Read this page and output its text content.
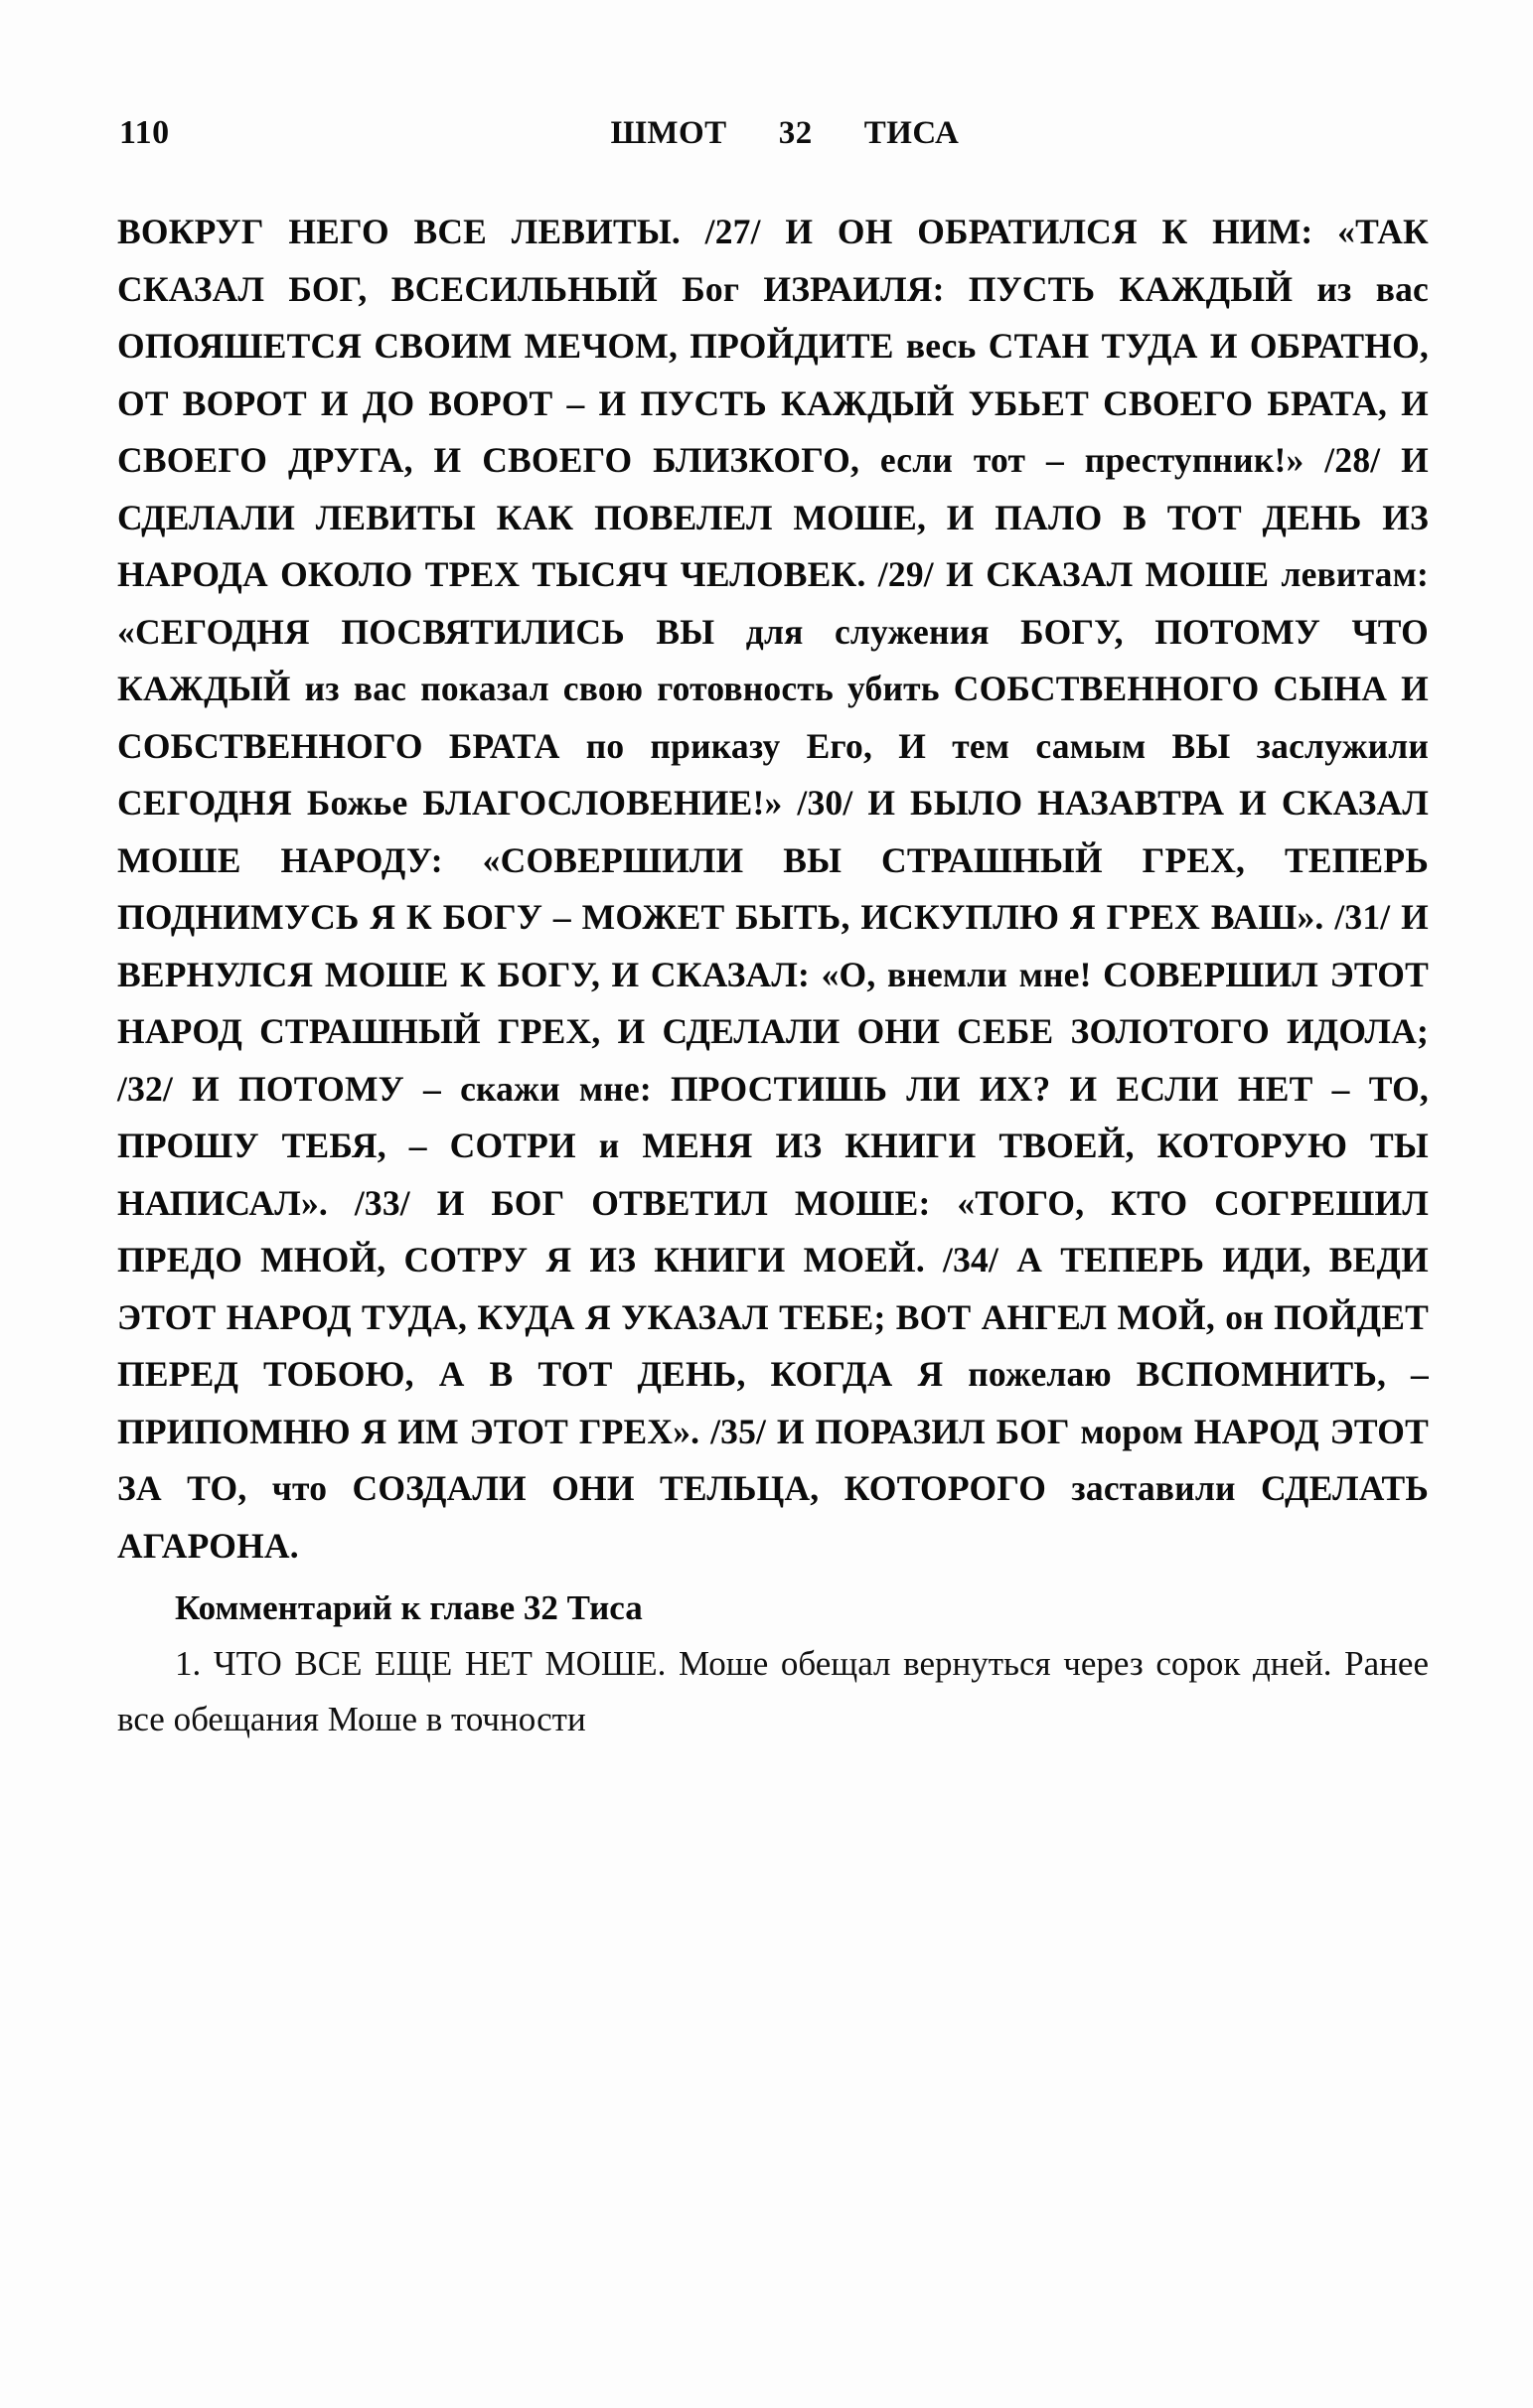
110	ШМОТ 32 ТИСА

ВОКРУГ НЕГО ВСЕ ЛЕВИТЫ. /27/ И ОН ОБРАТИЛСЯ К НИМ: «ТАК СКАЗАЛ БОГ, ВСЕСИЛЬНЫЙ Бог ИЗРАИЛЯ: ПУСТЬ КАЖДЫЙ из вас ОПОЯШЕТСЯ СВОИМ МЕЧОМ, ПРОЙДИТЕ весь СТАН ТУДА И ОБРАТНО, ОТ ВОРОТ И ДО ВОРОТ – И ПУСТЬ КАЖДЫЙ УБЬЕТ СВОЕГО БРАТА, И СВОЕГО ДРУГА, И СВОЕГО БЛИЗКОГО, если тот – преступник!» /28/ И СДЕЛАЛИ ЛЕВИТЫ КАК ПОВЕЛЕЛ МОШЕ, И ПАЛО В ТОТ ДЕНЬ ИЗ НАРОДА ОКОЛО ТРЕХ ТЫСЯЧ ЧЕЛОВЕК. /29/ И СКАЗАЛ МОШЕ левитам: «СЕГОДНЯ ПОСВЯТИЛИСЬ ВЫ для служения БОГУ, ПОТОМУ ЧТО КАЖДЫЙ из вас показал свою готовность убить СОБСТВЕННОГО СЫНА И СОБСТВЕННОГО БРАТА по приказу Его, И тем самым ВЫ заслужили СЕГОДНЯ Божье БЛАГОСЛОВЕНИЕ!» /30/ И БЫЛО НАЗАВТРА И СКАЗАЛ МОШЕ НАРОДУ: «СОВЕРШИЛИ ВЫ СТРАШНЫЙ ГРЕХ, ТЕПЕРЬ ПОДНИМУСЬ Я К БОГУ – МОЖЕТ БЫТЬ, ИСКУПЛЮ Я ГРЕХ ВАШ». /31/ И ВЕРНУЛСЯ МОШЕ К БОГУ, И СКАЗАЛ: «О, внемли мне! СОВЕРШИЛ ЭТОТ НАРОД СТРАШНЫЙ ГРЕХ, И СДЕЛАЛИ ОНИ СЕБЕ ЗОЛОТОГО ИДОЛА; /32/ И ПОТОМУ – скажи мне: ПРОСТИШЬ ЛИ ИХ? И ЕСЛИ НЕТ – ТО, ПРОШУ ТЕБЯ, – СОТРИ и МЕНЯ ИЗ КНИГИ ТВОЕЙ, КОТОРУЮ ТЫ НАПИСАЛ». /33/ И БОГ ОТВЕТИЛ МОШЕ: «ТОГО, КТО СОГРЕШИЛ ПРЕДО МНОЙ, СОТРУ Я ИЗ КНИГИ МОЕЙ. /34/ А ТЕПЕРЬ ИДИ, ВЕДИ ЭТОТ НАРОД ТУДА, КУДА Я УКАЗАЛ ТЕБЕ; ВОТ АНГЕЛ МОЙ, он ПОЙДЕТ ПЕРЕД ТОБОЮ, А В ТОТ ДЕНЬ, КОГДА Я пожелаю ВСПОМНИТЬ, – ПРИПОМНЮ Я ИМ ЭТОТ ГРЕХ». /35/ И ПОРАЗИЛ БОГ мором НАРОД ЭТОТ ЗА ТО, что СОЗДАЛИ ОНИ ТЕЛЬЦА, КОТОРОГО заставили СДЕЛАТЬ АГАРОНА.

Комментарий к главе 32 Тиса

1. ЧТО ВСЕ ЕЩЕ НЕТ МОШЕ. Моше обещал вернуться через сорок дней. Ранее все обещания Моше в точности
